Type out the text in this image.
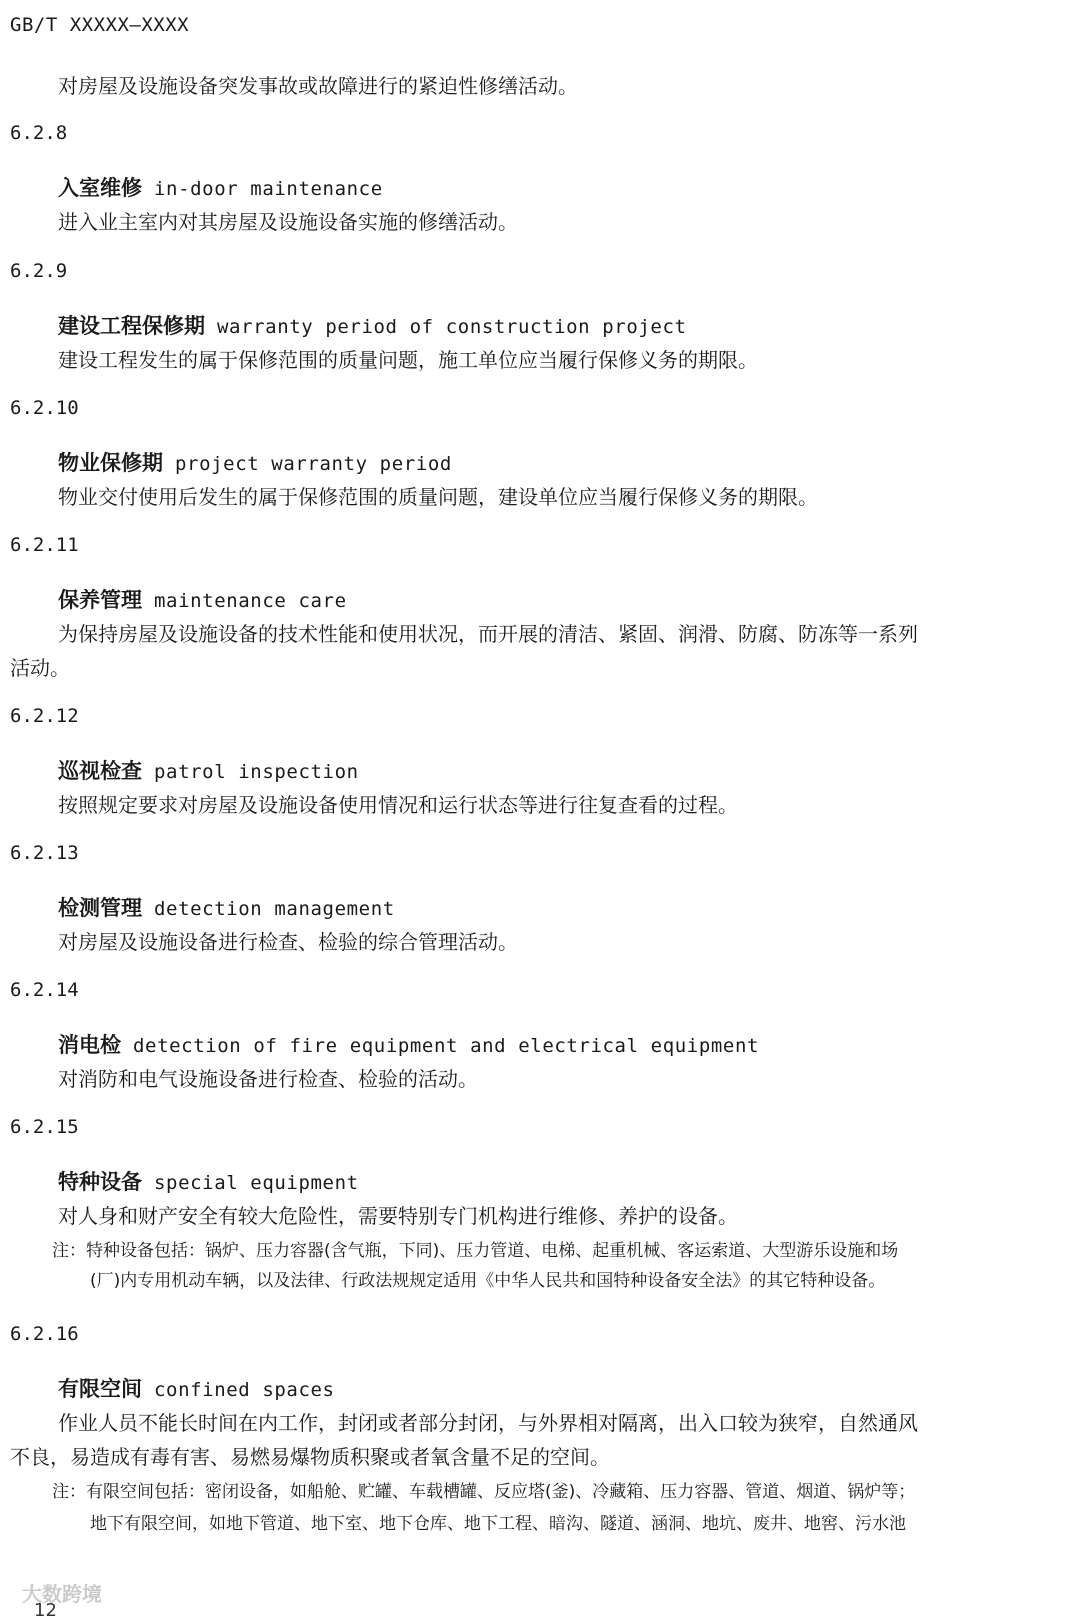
GB/T XXXXX—XXXX
对房屋及设施设备突发事故或故障进行的紧迫性修缮活动。
6.2.8
入室维修 in-door maintenance
进入业主室内对其房屋及设施设备实施的修缮活动。
6.2.9
建设工程保修期 warranty period of construction project
建设工程发生的属于保修范围的质量问题，施工单位应当履行保修义务的期限。
6.2.10
物业保修期 project warranty period
物业交付使用后发生的属于保修范围的质量问题，建设单位应当履行保修义务的期限。
6.2.11
保养管理 maintenance care
为保持房屋及设施设备的技术性能和使用状况，而开展的清洁、紧固、润滑、防腐、防冻等一系列
活动。
6.2.12
巡视检查 patrol inspection
按照规定要求对房屋及设施设备使用情况和运行状态等进行往复查看的过程。
6.2.13
检测管理 detection management
对房屋及设施设备进行检查、检验的综合管理活动。
6.2.14
消电检 detection of fire equipment and electrical equipment
对消防和电气设施设备进行检查、检验的活动。
6.2.15
特种设备 special equipment
对人身和财产安全有较大危险性，需要特别专门机构进行维修、养护的设备。
注：特种设备包括：锅炉、压力容器(含气瓶，下同)、压力管道、电梯、起重机械、客运索道、大型游乐设施和场
(厂)内专用机动车辆，以及法律、行政法规规定适用《中华人民共和国特种设备安全法》的其它特种设备。
6.2.16
有限空间 confined spaces
作业人员不能长时间在内工作，封闭或者部分封闭，与外界相对隔离，出入口较为狭窄，自然通风
不良，易造成有毒有害、易燃易爆物质积聚或者氧含量不足的空间。
注：有限空间包括：密闭设备，如船舱、贮罐、车载槽罐、反应塔(釜)、冷藏箱、压力容器、管道、烟道、锅炉等；
地下有限空间，如地下管道、地下室、地下仓库、地下工程、暗沟、隧道、涵洞、地坑、废井、地窖、污水池
大数跨境
12
